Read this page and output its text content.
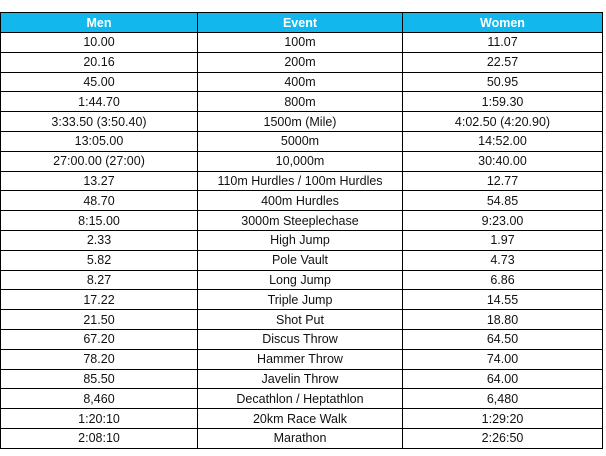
Men	Event	Women
10.00	100m	11.07
20.16	200m	22.57
45.00	400m	50.95
1:44.70	800m	1:59.30
3:33.50 (3:50.40)	1500m (Mile)	4:02.50 (4:20.90)
13:05.00	5000m	14:52.00
27:00.00 (27:00)	10,000m	30:40.00
13.27	110m Hurdles / 100m Hurdles	12.77
48.70	400m Hurdles	54.85
8:15.00	3000m Steeplechase	9:23.00
2.33	High Jump	1.97
5.82	Pole Vault	4.73
8.27	Long Jump	6.86
17.22	Triple Jump	14.55
21.50	Shot Put	18.80
67.20	Discus Throw	64.50
78.20	Hammer Throw	74.00
85.50	Javelin Throw	64.00
8,460	Decathlon / Heptathlon	6,480
1:20:10	20km Race Walk	1:29:20
2:08:10	Marathon	2:26:50
